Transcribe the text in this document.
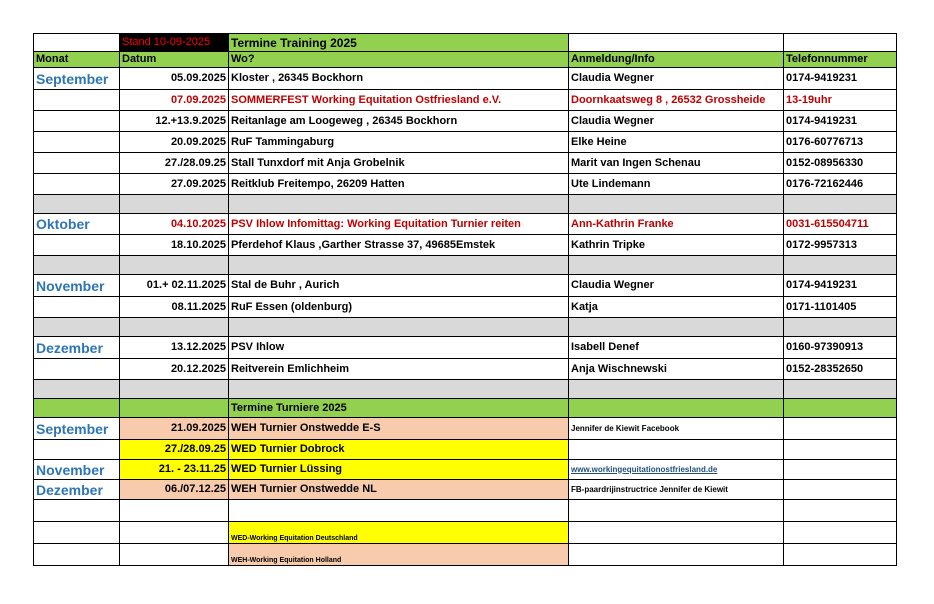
	Stand 10-09-2025	Termine Training 2025		
Monat	Datum	Wo?	Anmeldung/Info	Telefonnummer
September	05.09.2025	Kloster , 26345 Bockhorn	Claudia Wegner	0174-9419231
	07.09.2025	SOMMERFEST Working Equitation Ostfriesland e.V.	Doornkaatsweg 8 , 26532 Grossheide	13-19uhr
	12.+13.9.2025	Reitanlage am Loogeweg , 26345 Bockhorn	Claudia Wegner	0174-9419231
	20.09.2025	RuF Tammingaburg	Elke Heine	0176-60776713
	27./28.09.25	Stall Tunxdorf mit Anja Grobelnik	Marit van Ingen Schenau	0152-08956330
	27.09.2025	Reitklub Freitempo, 26209 Hatten	Ute Lindemann	0176-72162446

Oktober	04.10.2025	PSV Ihlow Infomittag: Working Equitation Turnier reiten	Ann-Kathrin Franke	0031-615504711
	18.10.2025	Pferdehof Klaus ,Garther Strasse 37, 49685Emstek	Kathrin Tripke	0172-9957313

November	01.+ 02.11.2025	Stal de Buhr , Aurich	Claudia Wegner	0174-9419231
	08.11.2025	RuF Essen (oldenburg)	Katja	0171-1101405

Dezember	13.12.2025	PSV Ihlow	Isabell Denef	0160-97390913
	20.12.2025	Reitverein Emlichheim	Anja Wischnewski	0152-28352650

		Termine Turniere 2025		
September	21.09.2025	WEH Turnier Onstwedde E-S	Jennifer de Kiewit Facebook	
	27./28.09.25	WED Turnier Dobrock		
November	21. - 23.11.25	WED Turnier Lüssing	www.workingequitationostfriesland.de	
Dezember	06./07.12.25	WEH Turnier Onstwedde NL	FB-paardrijinstructrice Jennifer de Kiewit	

		WED-Working Equitation Deutschland		
		WEH-Working Equitation Holland		
